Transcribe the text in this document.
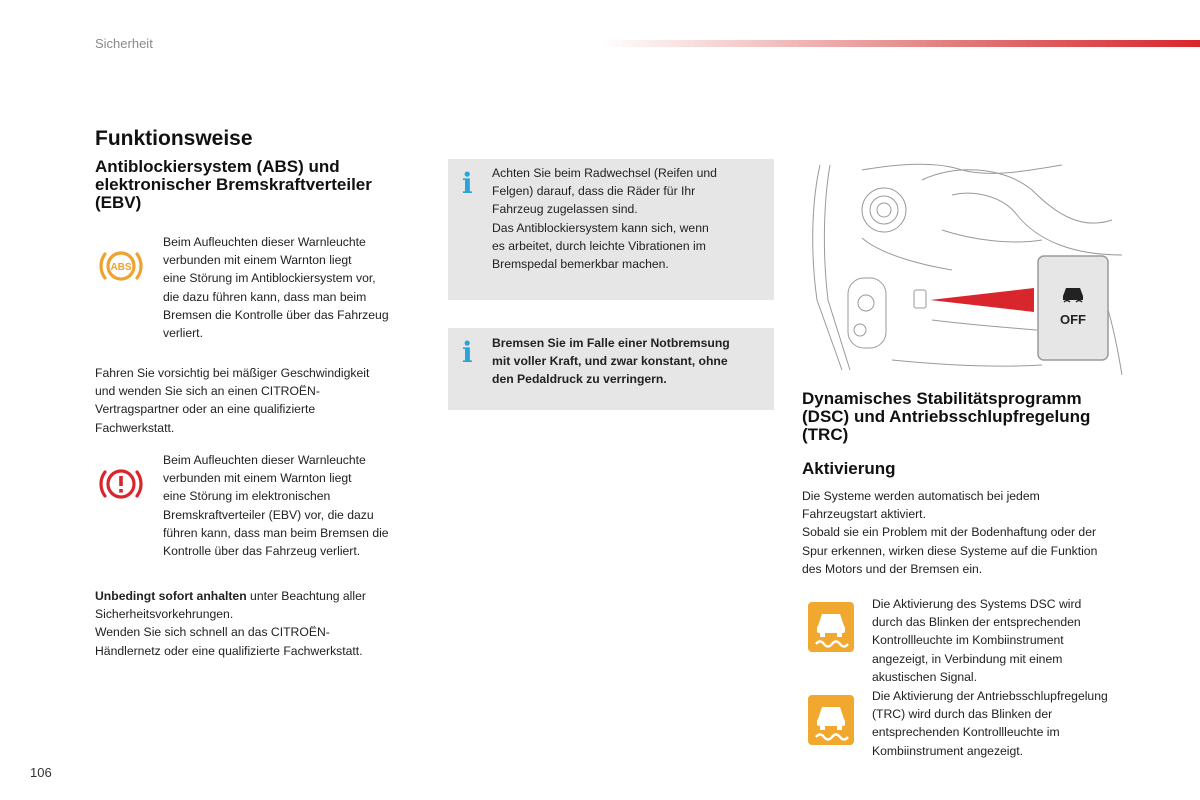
Sicherheit
Funktionsweise
Antiblockiersystem (ABS) und
elektronischer Bremskraftverteiler
(EBV)
ABS
Beim Aufleuchten dieser Warnleuchte
verbunden mit einem Warnton liegt
eine Störung im Antiblockiersystem vor,
die dazu führen kann, dass man beim
Bremsen die Kontrolle über das Fahrzeug
verliert.
Fahren Sie vorsichtig bei mäßiger Geschwindigkeit
und wenden Sie sich an einen CITROËN-
Vertragspartner oder an eine qualifizierte
Fachwerkstatt.
Beim Aufleuchten dieser Warnleuchte
verbunden mit einem Warnton liegt
eine Störung im elektronischen
Bremskraftverteiler (EBV) vor, die dazu
führen kann, dass man beim Bremsen die
Kontrolle über das Fahrzeug verliert.
Unbedingt sofort anhalten unter Beachtung aller
Sicherheitsvorkehrungen.
Wenden Sie sich schnell an das CITROËN-
Händlernetz oder eine qualifizierte Fachwerkstatt.
i Achten Sie beim Radwechsel (Reifen und
Felgen) darauf, dass die Räder für Ihr
Fahrzeug zugelassen sind.
Das Antiblockiersystem kann sich, wenn
es arbeitet, durch leichte Vibrationen im
Bremspedal bemerkbar machen.
i Bremsen Sie im Falle einer Notbremsung
mit voller Kraft, und zwar konstant, ohne
den Pedaldruck zu verringern.
OFF
Dynamisches Stabilitätsprogramm
(DSC) und Antriebsschlupfregelung
(TRC)
Aktivierung
Die Systeme werden automatisch bei jedem
Fahrzeugstart aktiviert.
Sobald sie ein Problem mit der Bodenhaftung oder der
Spur erkennen, wirken diese Systeme auf die Funktion
des Motors und der Bremsen ein.
Die Aktivierung des Systems DSC wird
durch das Blinken der entsprechenden
Kontrollleuchte im Kombiinstrument
angezeigt, in Verbindung mit einem
akustischen Signal.
Die Aktivierung der Antriebsschlupfregelung
(TRC) wird durch das Blinken der
entsprechenden Kontrollleuchte im
Kombiinstrument angezeigt.
106
